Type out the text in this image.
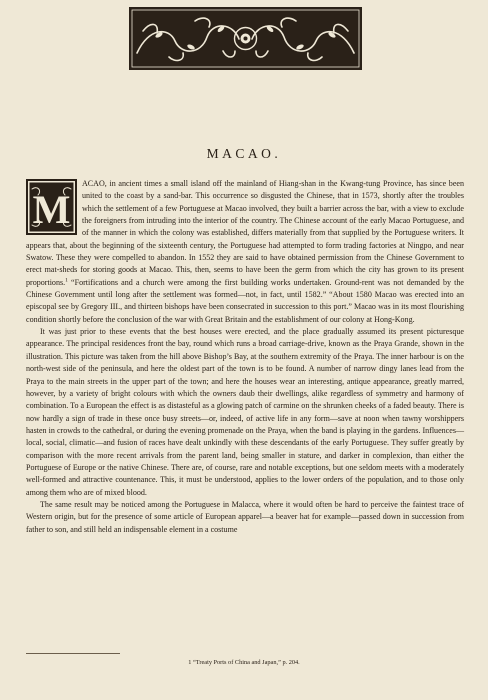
MACAO.
M

ACAO, in ancient times a small island off the mainland of Hiang-shan in the Kwang-tung Province, has since been united to the coast by a sand-bar. This occurrence so disgusted the Chinese, that in 1573, shortly after the troubles which the settlement of a few Portuguese at Macao involved, they built a barrier across the bar, with a view to exclude the foreigners from intruding into the interior of the country. The Chinese account of the early Macao Portuguese, and of the manner in which the colony was established, differs materially from that supplied by the Portuguese writers. It appears that, about the beginning of the sixteenth century, the Portuguese had attempted to form trading factories at Ningpo, and near Swatow. These they were compelled to abandon. In 1552 they are said to have obtained permission from the Chinese Government to erect mat-sheds for storing goods at Macao. This, then, seems to have been the germ from which the city has grown to its present proportions.$^1$ “Fortifications and a church were among the first building works undertaken. Ground-rent was not demanded by the Chinese Government until long after the settlement was formed—not, in fact, until 1582.” “About 1580 Macao was erected into an episcopal see by Gregory III., and thirteen bishops have been consecrated in succession to this port.” Macao was in its most flourishing condition shortly before the conclusion of the war with Great Britain and the establishment of our colony at Hong-Kong.

It was just prior to these events that the best houses were erected, and the place gradually assumed its present picturesque appearance. The principal residences front the bay, round which runs a broad carriage-drive, known as the Praya Grande, shown in the illustration. This picture was taken from the hill above Bishop’s Bay, at the southern extremity of the Praya. The inner harbour is on the north-west side of the peninsula, and here the oldest part of the town is to be found. A number of narrow dingy lanes lead from the Praya to the main streets in the upper part of the town; and here the houses wear an interesting, antique appearance, greatly marred, however, by a variety of bright colours with which the owners daub their dwellings, alike regardless of symmetry and harmony of combination. To a European the effect is as distasteful as a glowing patch of carmine on the shrunken cheeks of a faded beauty. There is now hardly a sign of trade in these once busy streets—or, indeed, of active life in any form—save at noon when tawny worshippers hasten in crowds to the cathedral, or during the evening promenade on the Praya, when the band is playing in the gardens. Influences—local, social, climatic—and fusion of races have dealt unkindly with these descendants of the early Portuguese. They suffer greatly by comparison with the more recent arrivals from the parent land, being smaller in stature, and darker in complexion, than either the Portuguese of Europe or the native Chinese. There are, of course, rare and notable exceptions, but one seldom meets with a moderately well-formed and attractive countenance. This, it must be understood, applies to the lower orders of the population, and to those only among them who are of mixed blood.

The same result may be noticed among the Portuguese in Malacca, where it would often be hard to perceive the faintest trace of Western origin, but for the presence of some article of European apparel—a beaver hat for example—passed down in succession from father to son, and still held an indispensable element in a costume

1 “Treaty Ports of China and Japan,” p. 204.
